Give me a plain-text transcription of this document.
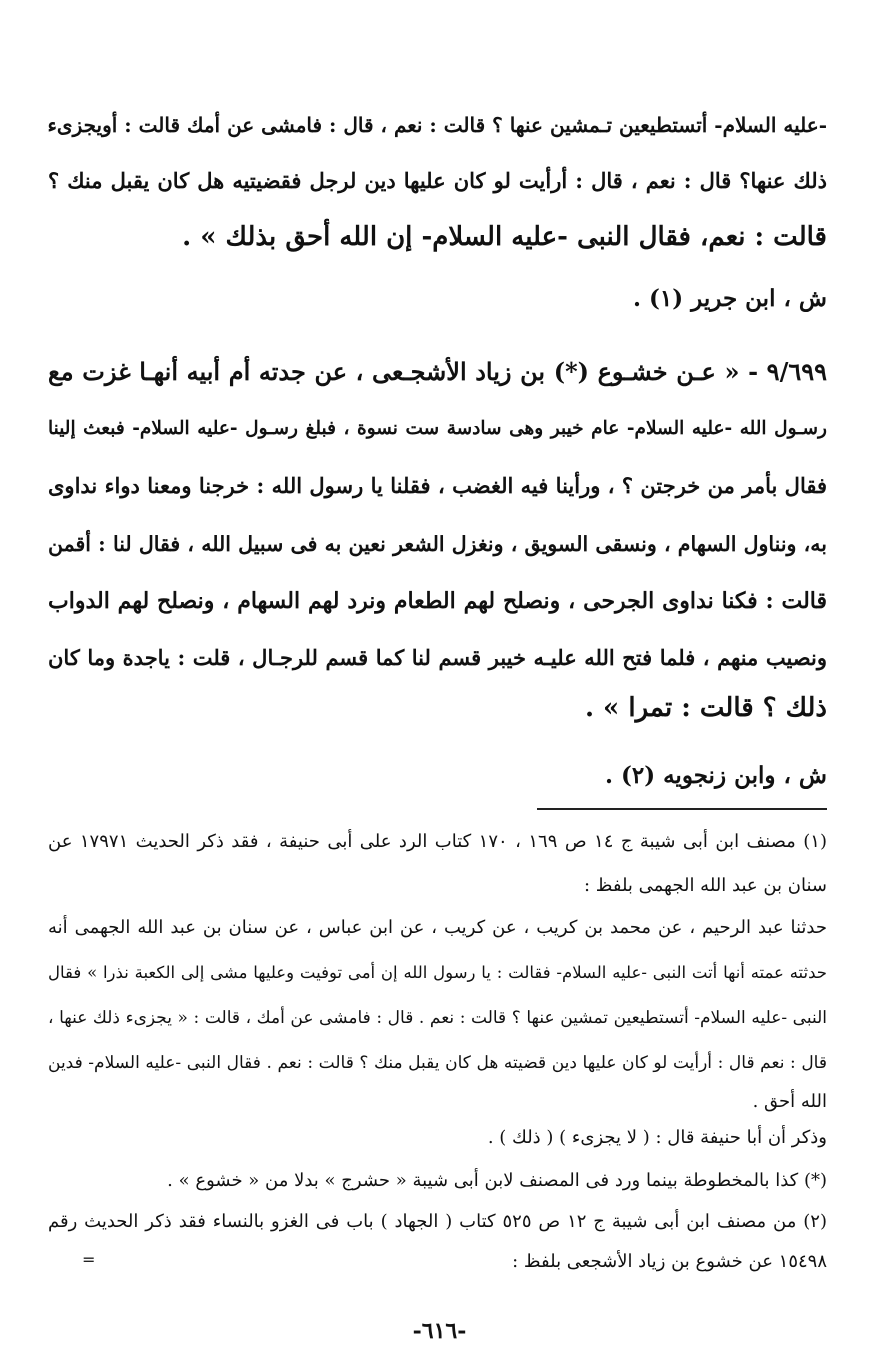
-عليه السلام- أتستطيعين تـمشين عنها ؟ قالت : نعم ، قال : فامشى عن أمك قالت : أويجزىء
ذلك عنها؟ قال : نعم ، قال : أرأيت لو كان عليها دين لرجل فقضيتيه هل كان يقبل منك ؟
قالت : نعم، فقال النبى -عليه السلام- إن الله أحق بذلك » .
ش ، ابن جرير (١) .
٩/٦٩٩ - « عـن خشـوع (*) بن زياد الأشجـعى ، عن جدته أم أبيه أنهـا غزت مع
رسـول الله -عليه السلام- عام خيبر وهى سادسة ست نسوة ، فبلغ رسـول -عليه السلام- فبعث إلينا
فقال بأمر من خرجتن ؟ ، ورأينا فيه الغضب ، فقلنا يا رسول الله : خرجنا ومعنا دواء نداوى
به، ونناول السهام ، ونسقى السويق ، ونغزل الشعر نعين به فى سبيل الله ، فقال لنا : أقمن
قالت : فكنا نداوى الجرحى ، ونصلح لهم الطعام ونرد لهم السهام ، ونصلح لهم الدواب
ونصيب منهم ، فلما فتح الله عليـه خيبر قسم لنا كما قسم للرجـال ، قلت : ياجدة وما كان
ذلك ؟ قالت : تمرا » .
ش ، وابن زنجويه (٢) .
(١) مصنف ابن أبى شيبة ج ١٤ ص ١٦٩ ، ١٧٠ كتاب الرد على أبى حنيفة ، فقد ذكر الحديث ١٧٩٧١ عن
سنان بن عبد الله الجهمى بلفظ :
حدثنا عبد الرحيم ، عن محمد بن كريب ، عن كريب ، عن ابن عباس ، عن سنان بن عبد الله الجهمى أنه
حدثته عمته أنها أتت النبى -عليه السلام- فقالت : يا رسول الله إن أمى توفيت وعليها مشى إلى الكعبة نذرا » فقال
النبى -عليه السلام- أتستطيعين تمشين عنها ؟ قالت : نعم . قال : فامشى عن أمك ، قالت : « يجزىء ذلك عنها ،
قال : نعم قال : أرأيت لو كان عليها دين قضيته هل كان يقبل منك ؟ قالت : نعم . فقال النبى -عليه السلام- فدين
الله أحق .
وذكر أن أبا حنيفة قال : ( لا يجزىء ) ( ذلك ) .
(*) كذا بالمخطوطة بينما ورد فى المصنف لابن أبى شيبة « حشرج » بدلا من « خشوع » .
(٢) من مصنف ابن أبى شيبة ج ١٢ ص ٥٢٥ كتاب ( الجهاد ) باب فى الغزو بالنساء فقد ذكر الحديث رقم
١٥٤٩٨ عن خشوع بن زياد الأشجعى بلفظ :
=
-٦١٦-
